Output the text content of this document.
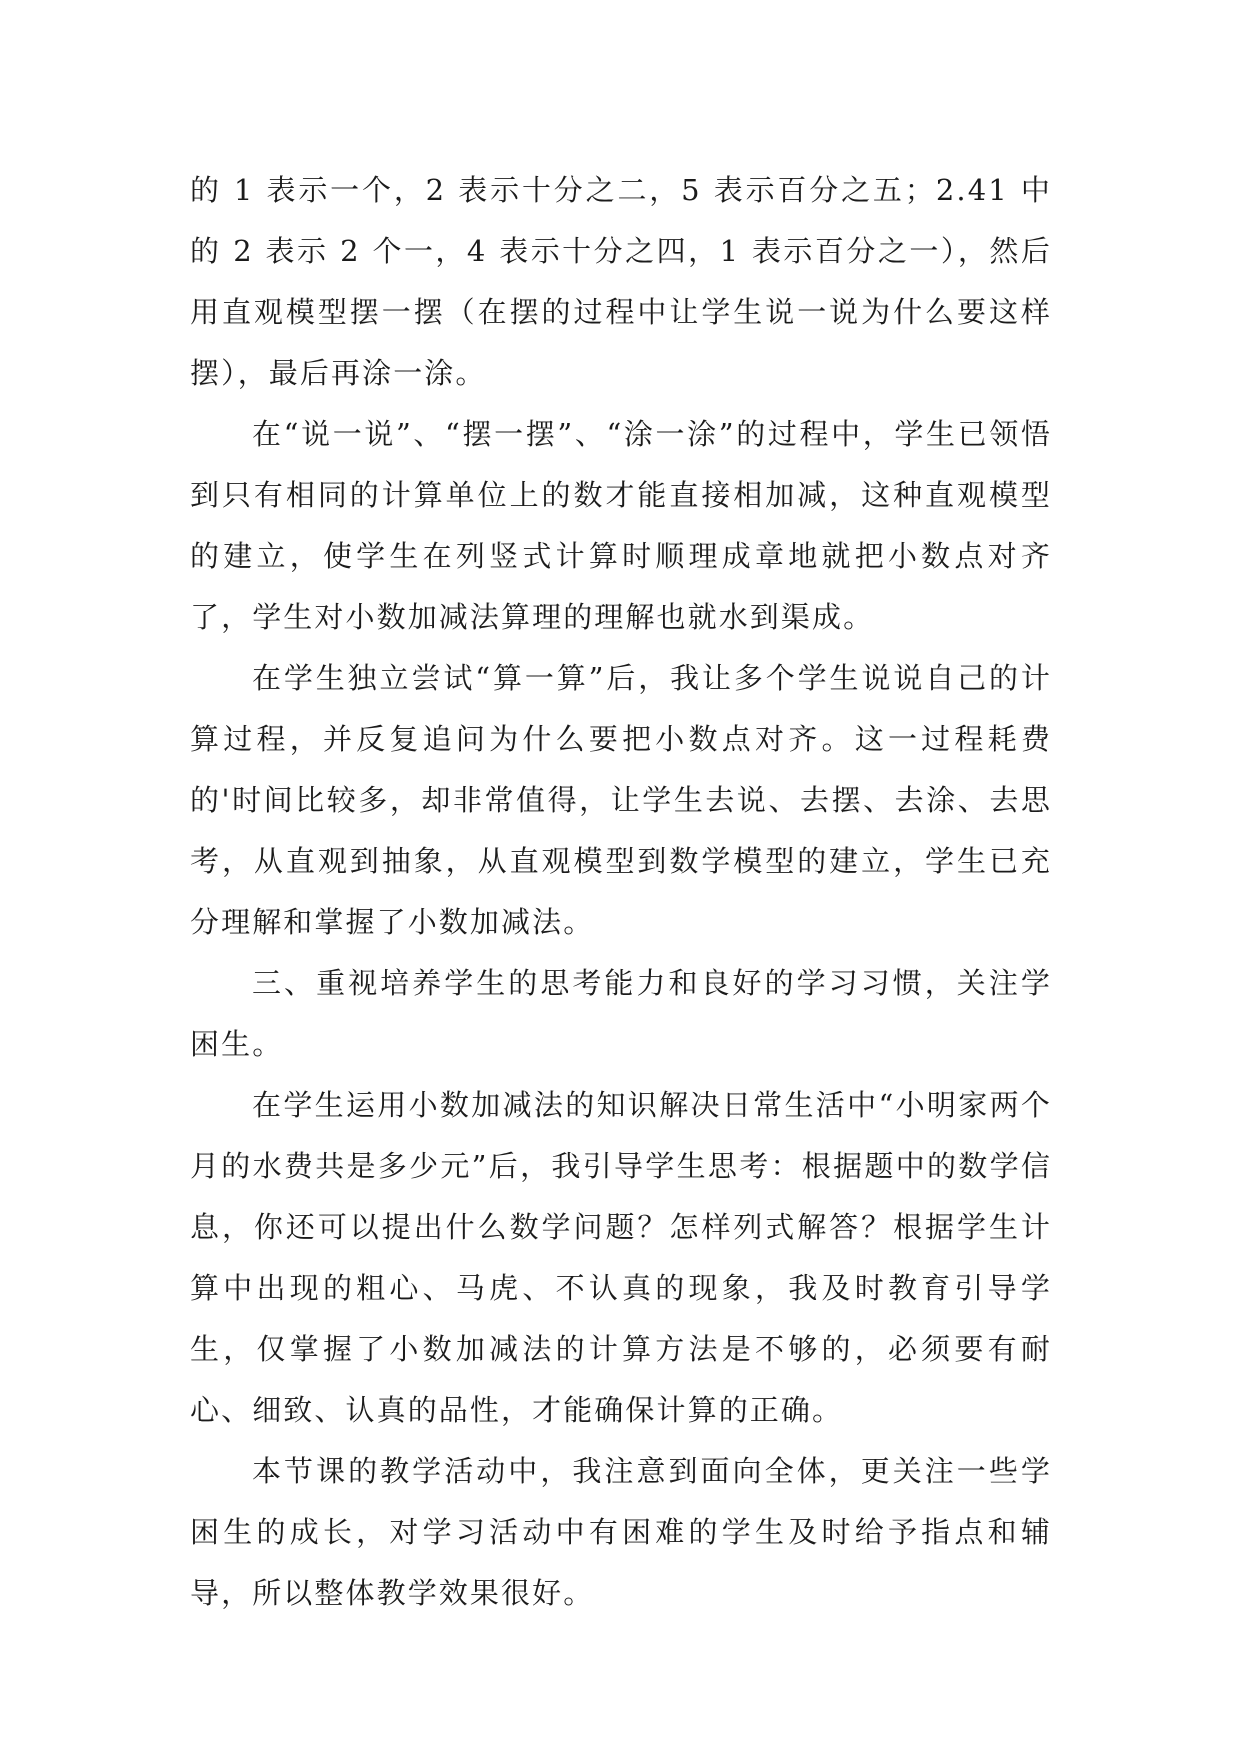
的 1 表示一个，2 表示十分之二，5 表示百分之五；2.41 中的 2 表示 2 个一，4 表示十分之四，1 表示百分之一），然后用直观模型摆一摆（在摆的过程中让学生说一说为什么要这样摆），最后再涂一涂。

在“说一说”、“摆一摆”、“涂一涂”的过程中，学生已领悟到只有相同的计算单位上的数才能直接相加减，这种直观模型的建立，使学生在列竖式计算时顺理成章地就把小数点对齐了，学生对小数加减法算理的理解也就水到渠成。

在学生独立尝试“算一算”后，我让多个学生说说自己的计算过程，并反复追问为什么要把小数点对齐。这一过程耗费的'时间比较多，却非常值得，让学生去说、去摆、去涂、去思考，从直观到抽象，从直观模型到数学模型的建立，学生已充分理解和掌握了小数加减法。

三、重视培养学生的思考能力和良好的学习习惯，关注学困生。

在学生运用小数加减法的知识解决日常生活中“小明家两个月的水费共是多少元”后，我引导学生思考：根据题中的数学信息，你还可以提出什么数学问题？怎样列式解答？根据学生计算中出现的粗心、马虎、不认真的现象，我及时教育引导学生，仅掌握了小数加减法的计算方法是不够的，必须要有耐心、细致、认真的品性，才能确保计算的正确。

本节课的教学活动中，我注意到面向全体，更关注一些学困生的成长，对学习活动中有困难的学生及时给予指点和辅导，所以整体教学效果很好。
